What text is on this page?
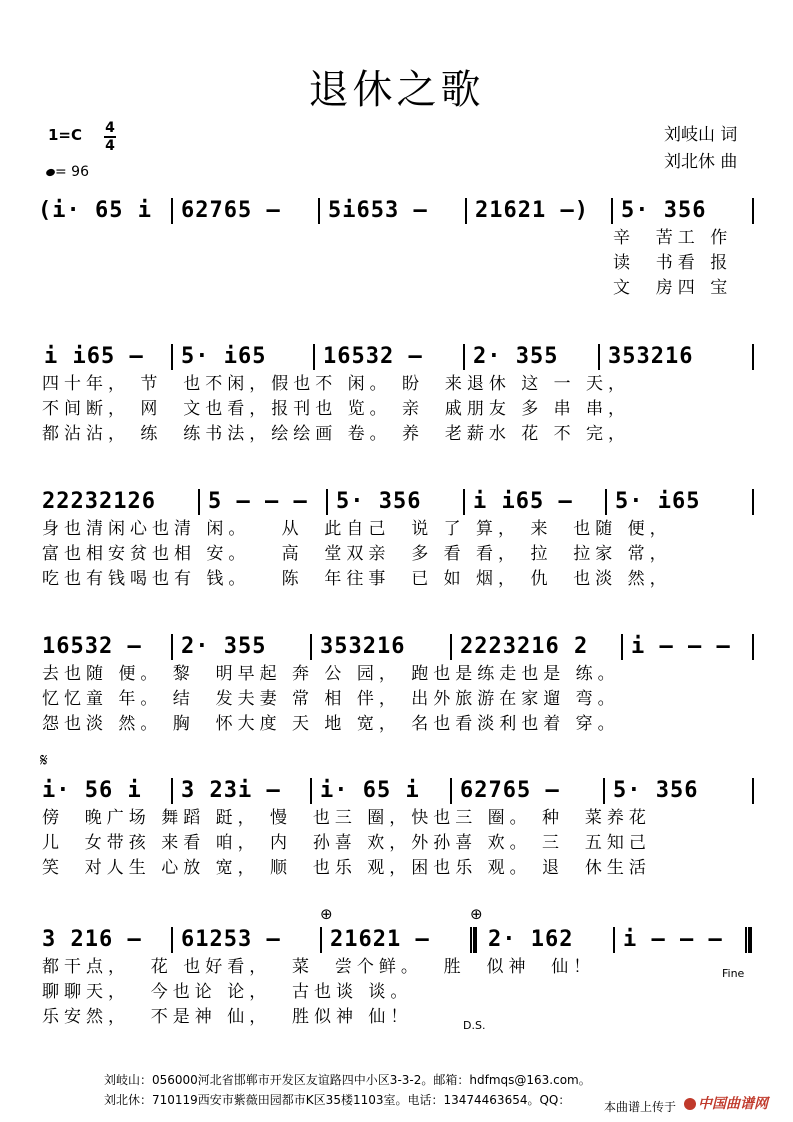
退休之歌
1=C 4
4
= 96
刘岐山 词
刘北休 曲
(i· 65 i 62765 – 5i653 – 21621 –) 5· 356
辛  苦工 作
读  书看 报
文  房四 宝
i i65 – 5· i65	16532 – 2· 355 353216
四十年， 节  也不闲，假也不 闲。 盼  来退休 这 一 天，
不间断， 网  文也看，报刊也 览。 亲  戚朋友 多 串 串，
都沾沾， 练  练书法，绘绘画 卷。 养  老薪水 花 不 完，
22232126 5 – – – 5· 356 i i65 – 5· i65
身也清闲心也清 闲。   从  此自己  说 了 算， 来  也随 便，
富也相安贫也相 安。   高  堂双亲  多 看 看， 拉  拉家 常，
吃也有钱喝也有 钱。   陈  年往事  已 如 烟， 仇  也淡 然，
16532 – 2· 355 353216 2223216 2 i – – –
去也随 便。 黎  明早起 奔 公 园， 跑也是练走也是 练。
忆忆童 年。 结  发夫妻 常 相 伴， 出外旅游在家遛 弯。
怨也淡 然。 胸  怀大度 天 地 宽， 名也看淡利也着 穿。
𝄋
i· 56 i 3 23i – i· 65 i 62765 – 5· 356
傍  晚广场 舞蹈 跹， 慢  也三 圈，快也三 圈。 种  菜养花
儿  女带孩 来看 咱， 内  孙喜 欢，外孙喜 欢。 三  五知己
笑  对人生 心放 宽， 顺  也乐 观，困也乐 观。 退  休生活
⊕	⊕
3 216 – 61253 – 21621 –	2· 162 i – – –
都干点，  花 也好看，  菜  尝个鲜。  胜  似神  仙！
聊聊天，  今也论 论，  古也谈 谈。
乐安然，  不是神 仙，  胜似神 仙！
Fine
D.S.
刘岐山：056000河北省邯郸市开发区友谊路四中小区3-3-2。邮箱：hdfmqs@163.com。
刘北休：710119西安市紫薇田园都市K区35楼1103室。电话：13474463654。QQ：	本曲谱上传于	中国曲谱网
